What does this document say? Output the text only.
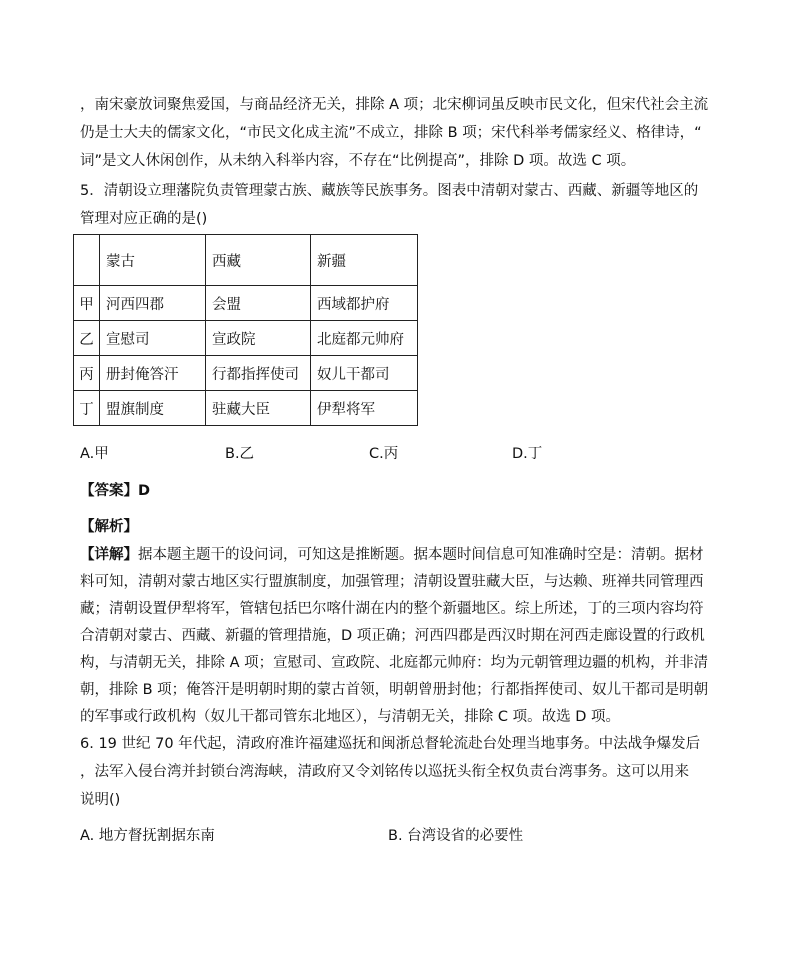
，南宋豪放词聚焦爱国，与商品经济无关，排除 A 项；北宋柳词虽反映市民文化，但宋代社会主流
仍是士大夫的儒家文化，“市民文化成主流”不成立，排除 B 项；宋代科举考儒家经义、格律诗，“
词”是文人休闲创作，从未纳入科举内容，不存在“比例提高”，排除 D 项。故选 C 项。
5．清朝设立理藩院负责管理蒙古族、藏族等民族事务。图表中清朝对蒙古、西藏、新疆等地区的
管理对应正确的是()
	蒙古	西藏	新疆
甲	河西四郡	会盟	西域都护府
乙	宣慰司	宣政院	北庭都元帅府
丙	册封俺答汗	行都指挥使司	奴儿干都司
丁	盟旗制度	驻藏大臣	伊犁将军
A.甲	B.乙	C.丙	D.丁
【答案】D
【解析】
【详解】据本题主题干的设问词，可知这是推断题。据本题时间信息可知准确时空是：清朝。据材
料可知，清朝对蒙古地区实行盟旗制度，加强管理；清朝设置驻藏大臣，与达赖、班禅共同管理西
藏；清朝设置伊犁将军，管辖包括巴尔喀什湖在内的整个新疆地区。综上所述，丁的三项内容均符
合清朝对蒙古、西藏、新疆的管理措施，D 项正确；河西四郡是西汉时期在河西走廊设置的行政机
构，与清朝无关，排除 A 项；宣慰司、宣政院、北庭都元帅府：均为元朝管理边疆的机构，并非清
朝，排除 B 项；俺答汗是明朝时期的蒙古首领，明朝曾册封他；行都指挥使司、奴儿干都司是明朝
的军事或行政机构（奴儿干都司管东北地区），与清朝无关，排除 C 项。故选 D 项。
6. 19 世纪 70 年代起，清政府准许福建巡抚和闽浙总督轮流赴台处理当地事务。中法战争爆发后
，法军入侵台湾并封锁台湾海峡，清政府又令刘铭传以巡抚头衔全权负责台湾事务。这可以用来
说明()
A. 地方督抚割据东南	B. 台湾设省的必要性
